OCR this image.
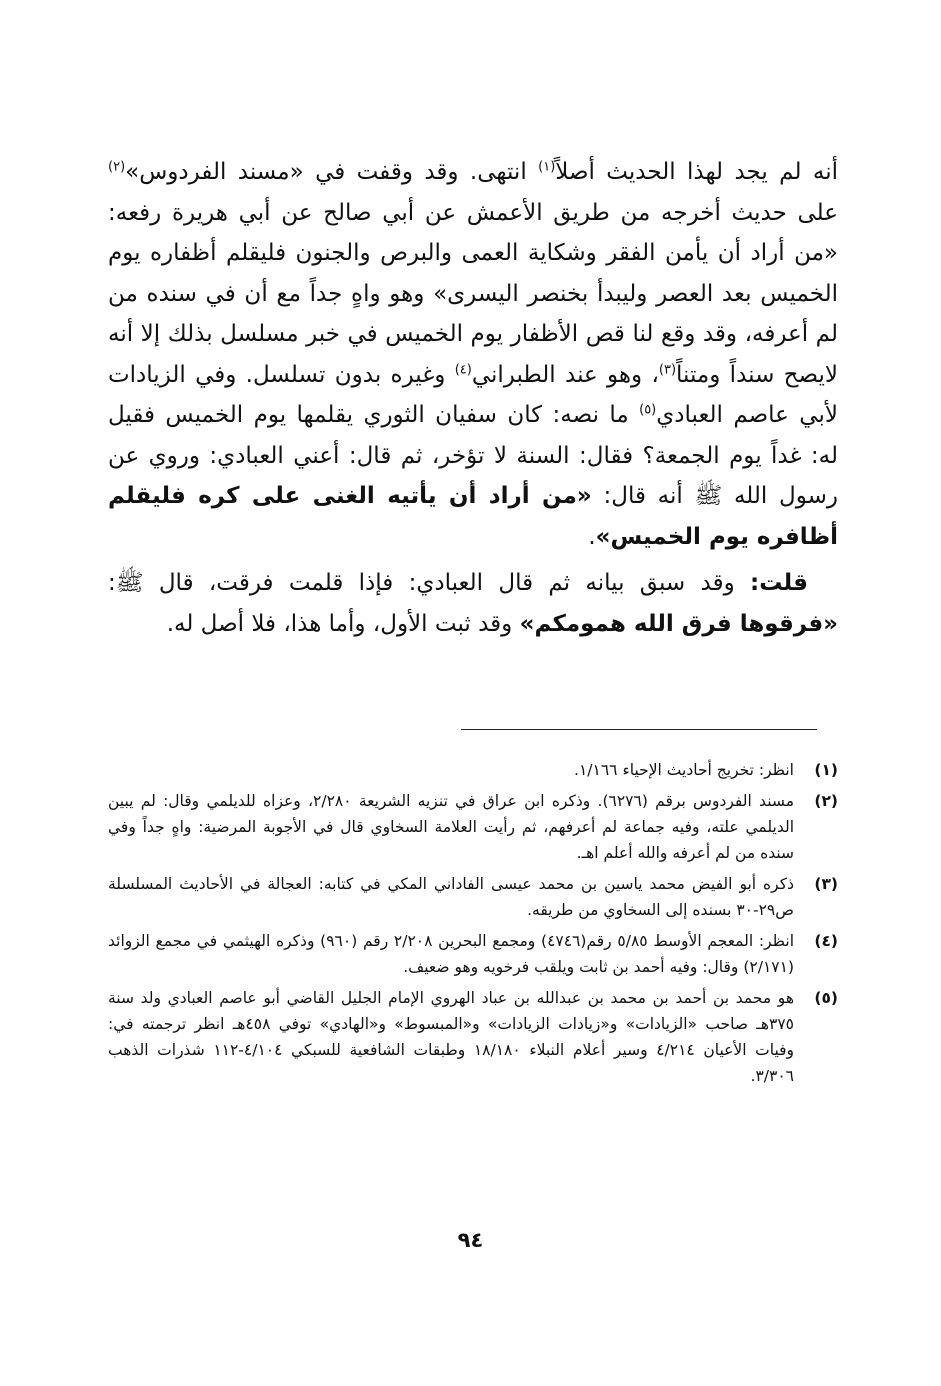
أنه لم يجد لهذا الحديث أصلاً$^{(١)}$ انتهى. وقد وقفت في «مسند الفردوس»$^{(٢)}$ على حديث أخرجه من طريق الأعمش عن أبي صالح عن أبي هريرة رفعه: «من أراد أن يأمن الفقر وشكاية العمى والبرص والجنون فليقلم أظفاره يوم الخميس بعد العصر وليبدأ بخنصر اليسرى» وهو واهٍ جداً مع أن في سنده من لم أعرفه، وقد وقع لنا قص الأظفار يوم الخميس في خبر مسلسل بذلك إلا أنه لايصح سنداً ومتناً$^{(٣)}$، وهو عند الطبراني$^{(٤)}$ وغيره بدون تسلسل. وفي الزيادات لأبي عاصم العبادي$^{(٥)}$ ما نصه: كان سفيان الثوري يقلمها يوم الخميس فقيل له: غداً يوم الجمعة؟ فقال: السنة لا تؤخر، ثم قال: أعني العبادي: وروي عن رسول الله ﷺ أنه قال: «من أراد أن يأتيه الغنى على كره فليقلم أظافره يوم الخميس».

قلت: وقد سبق بيانه ثم قال العبادي: فإذا قلمت فرقت، قال ﷺ: «فرقوها فرق الله همومكم» وقد ثبت الأول، وأما هذا، فلا أصل له.

(١)
انظر: تخريج أحاديث الإحياء ١/١٦٦.
(٢)
مسند الفردوس برقم (٦٢٧٦). وذكره ابن عراق في تنزيه الشريعة ٢/٢٨٠، وعزاه للديلمي وقال: لم يبين الديلمي علته، وفيه جماعة لم أعرفهم، ثم رأيت العلامة السخاوي قال في الأجوبة المرضية: واهٍ جداً وفي سنده من لم أعرفه والله أعلم اهـ.
(٣)
ذكره أبو الفيض محمد ياسين بن محمد عيسى الفاداني المكي في كتابه: العجالة في الأحاديث المسلسلة ص٢٩-٣٠ بسنده إلى السخاوي من طريقه.
(٤)
انظر: المعجم الأوسط ٥/٨٥ رقم(٤٧٤٦) ومجمع البحرين ٢/٢٠٨ رقم (٩٦٠) وذكره الهيثمي في مجمع الزوائد (٢/١٧١) وقال: وفيه أحمد بن ثابت ويلقب فرخويه وهو ضعيف.
(٥)
هو محمد بن أحمد بن محمد بن عبدالله بن عباد الهروي الإمام الجليل القاضي أبو عاصم العبادي ولد سنة ٣٧٥هـ صاحب «الزيادات» و«زيادات الزيادات» و«المبسوط» و«الهادي» توفي ٤٥٨هـ انظر ترجمته في: وفيات الأعيان ٤/٢١٤ وسير أعلام النبلاء ١٨/١٨٠ وطبقات الشافعية للسبكي ٤/١٠٤-١١٢ شذرات الذهب ٣/٣٠٦.
٩٤
